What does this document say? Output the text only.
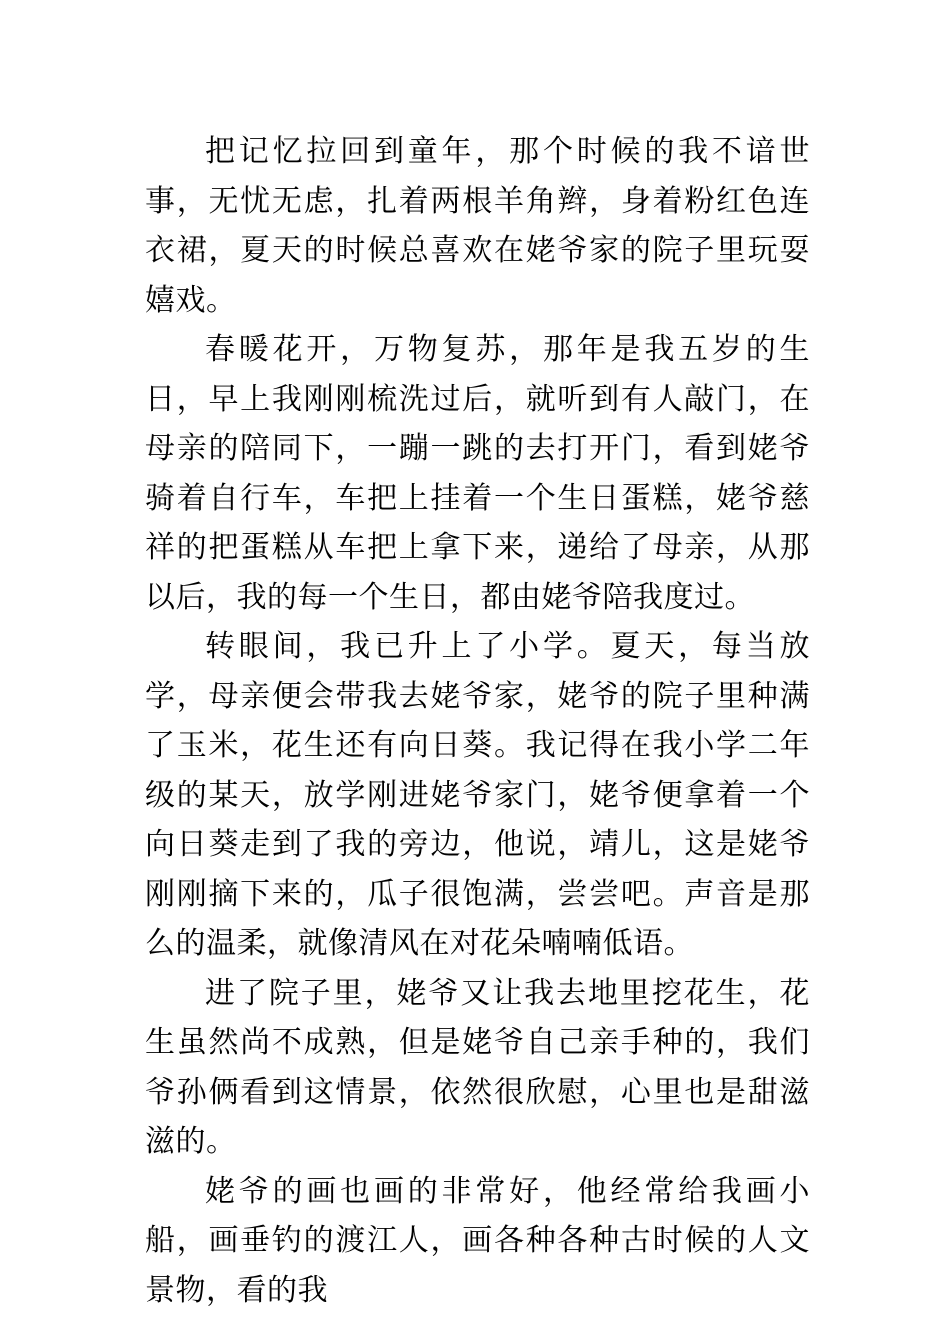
把记忆拉回到童年，那个时候的我不谙世事，无忧无虑，扎着两根羊角辫，身着粉红色连衣裙，夏天的时候总喜欢在姥爷家的院子里玩耍嬉戏。

春暖花开，万物复苏，那年是我五岁的生日，早上我刚刚梳洗过后，就听到有人敲门，在母亲的陪同下，一蹦一跳的去打开门，看到姥爷骑着自行车，车把上挂着一个生日蛋糕，姥爷慈祥的把蛋糕从车把上拿下来，递给了母亲，从那以后，我的每一个生日，都由姥爷陪我度过。

转眼间，我已升上了小学。夏天，每当放学，母亲便会带我去姥爷家，姥爷的院子里种满了玉米，花生还有向日葵。我记得在我小学二年级的某天，放学刚进姥爷家门，姥爷便拿着一个向日葵走到了我的旁边，他说，靖儿，这是姥爷刚刚摘下来的，瓜子很饱满，尝尝吧。声音是那么的温柔，就像清风在对花朵喃喃低语。

进了院子里，姥爷又让我去地里挖花生，花生虽然尚不成熟，但是姥爷自己亲手种的，我们爷孙俩看到这情景，依然很欣慰，心里也是甜滋滋的。

姥爷的画也画的非常好，他经常给我画小船，画垂钓的渡江人，画各种各种古时候的人文景物，看的我
